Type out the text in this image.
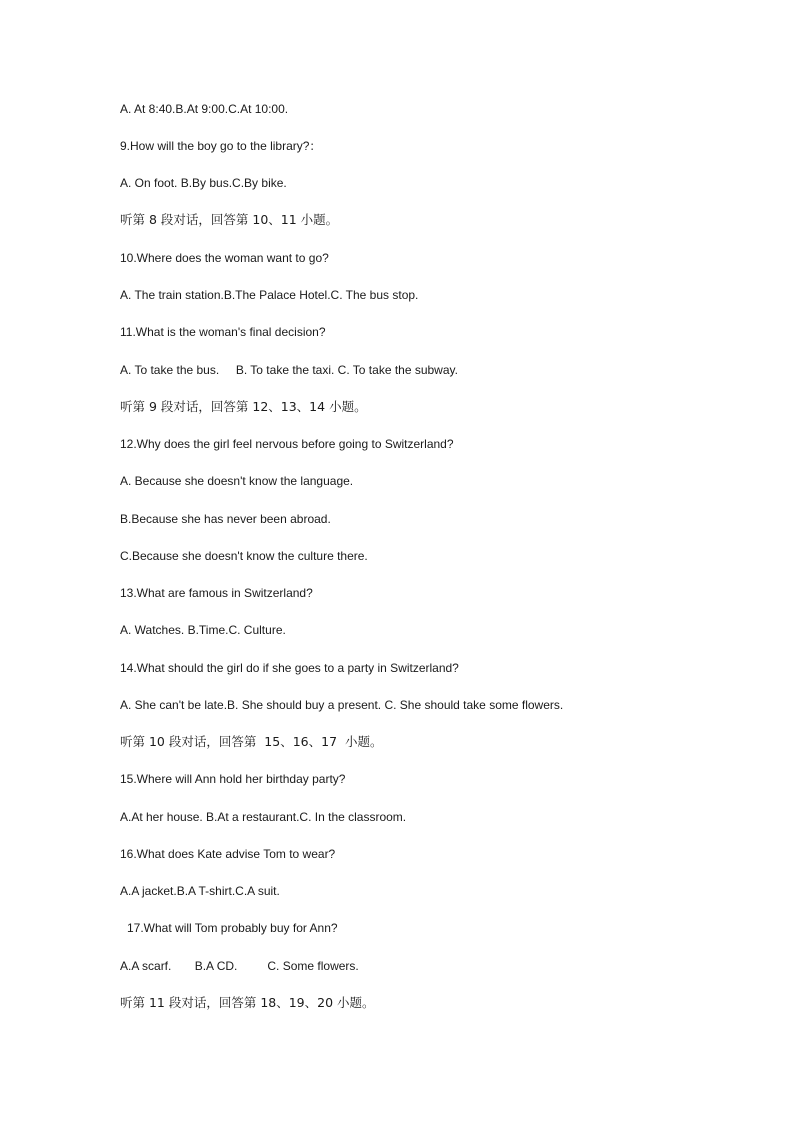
A. At 8:40.B.At 9:00.C.At 10:00.
9.How will the boy go to the library?：
A. On foot. B.By bus.C.By bike.
听第 8 段对话，回答第 10、11 小题。
10.Where does the woman want to go?
A. The train station.B.The Palace Hotel.C. The bus stop.
11.What is the woman's final decision?
A. To take the bus.     B. To take the taxi. C. To take the subway.
听第 9 段对话，回答第 12、13、14 小题。
12.Why does the girl feel nervous before going to Switzerland?
A. Because she doesn't know the language.
B.Because she has never been abroad.
C.Because she doesn't know the culture there.
13.What are famous in Switzerland?
A. Watches. B.Time.C. Culture.
14.What should the girl do if she goes to a party in Switzerland?
A. She can't be late.B. She should buy a present. C. She should take some flowers.
听第 10 段对话，回答第  15、16、17  小题。
15.Where will Ann hold her birthday party?
A.At her house. B.At a restaurant.C. In the classroom.
16.What does Kate advise Tom to wear?
A.A jacket.B.A T-shirt.C.A suit.
17.What will Tom probably buy for Ann?
A.A scarf.       B.A CD.         C. Some flowers.
听第 11 段对话，回答第 18、19、20 小题。
